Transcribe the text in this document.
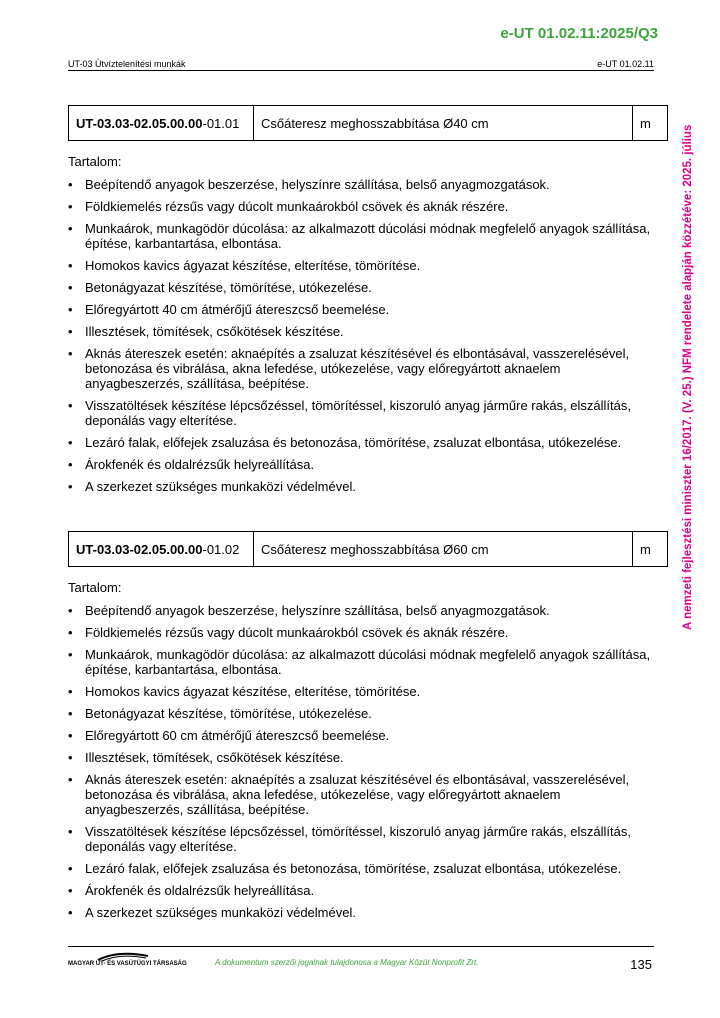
e-UT 01.02.11:2025/Q3
UT-03 Útvíztelenítési munkák	e-UT 01.02.11
A nemzeti fejlesztési miniszter 16/2017. (V. 25.) NFM rendelete alapján közzétéve: 2025. július
UT-03.03-02.05.00.00-01.01	Csőáteresz meghosszabbítása Ø40 cm	m
Tartalom:
• Beépítendő anyagok beszerzése, helyszínre szállítása, belső anyagmozgatások.
• Földkiemelés rézsűs vagy dúcolt munkaárokból csövek és aknák részére.
• Munkaárok, munkagödör dúcolása: az alkalmazott dúcolási módnak megfelelő anyagok szállítása, építése, karbantartása, elbontása.
• Homokos kavics ágyazat készítése, elterítése, tömörítése.
• Betonágyazat készítése, tömörítése, utókezelése.
• Előregyártott 40 cm átmérőjű átereszcső beemelése.
• Illesztések, tömítések, csőkötések készítése.
• Aknás átereszek esetén: aknaépítés a zsaluzat készítésével és elbontásával, vasszerelésével, betonozása és vibrálása, akna lefedése, utókezelése, vagy előregyártott aknaelem anyagbeszerzés, szállítása, beépítése.
• Visszatöltések készítése lépcsőzéssel, tömörítéssel, kiszoruló anyag járműre rakás, elszállítás, deponálás vagy elterítése.
• Lezáró falak, előfejek zsaluzása és betonozása, tömörítése, zsaluzat elbontása, utókezelése.
• Árokfenék és oldalrézsűk helyreállítása.
• A szerkezet szükséges munkaközi védelmével.
UT-03.03-02.05.00.00-01.02	Csőáteresz meghosszabbítása Ø60 cm	m
Tartalom:
• Beépítendő anyagok beszerzése, helyszínre szállítása, belső anyagmozgatások.
• Földkiemelés rézsűs vagy dúcolt munkaárokból csövek és aknák részére.
• Munkaárok, munkagödör dúcolása: az alkalmazott dúcolási módnak megfelelő anyagok szállítása, építése, karbantartása, elbontása.
• Homokos kavics ágyazat készítése, elterítése, tömörítése.
• Betonágyazat készítése, tömörítése, utókezelése.
• Előregyártott 60 cm átmérőjű átereszcső beemelése.
• Illesztések, tömítések, csőkötések készítése.
• Aknás átereszek esetén: aknaépítés a zsaluzat készítésével és elbontásával, vasszerelésével, betonozása és vibrálása, akna lefedése, utókezelése, vagy előregyártott aknaelem anyagbeszerzés, szállítása, beépítése.
• Visszatöltések készítése lépcsőzéssel, tömörítéssel, kiszoruló anyag járműre rakás, elszállítás, deponálás vagy elterítése.
• Lezáró falak, előfejek zsaluzása és betonozása, tömörítése, zsaluzat elbontása, utókezelése.
• Árokfenék és oldalrézsűk helyreállítása.
• A szerkezet szükséges munkaközi védelmével.
MAGYAR ÚT- ÉS VASÚTÜGYI TÁRSASÁG	A dokumentum szerzői jogainak tulajdonosa a Magyar Közút Nonprofit Zrt.	135
